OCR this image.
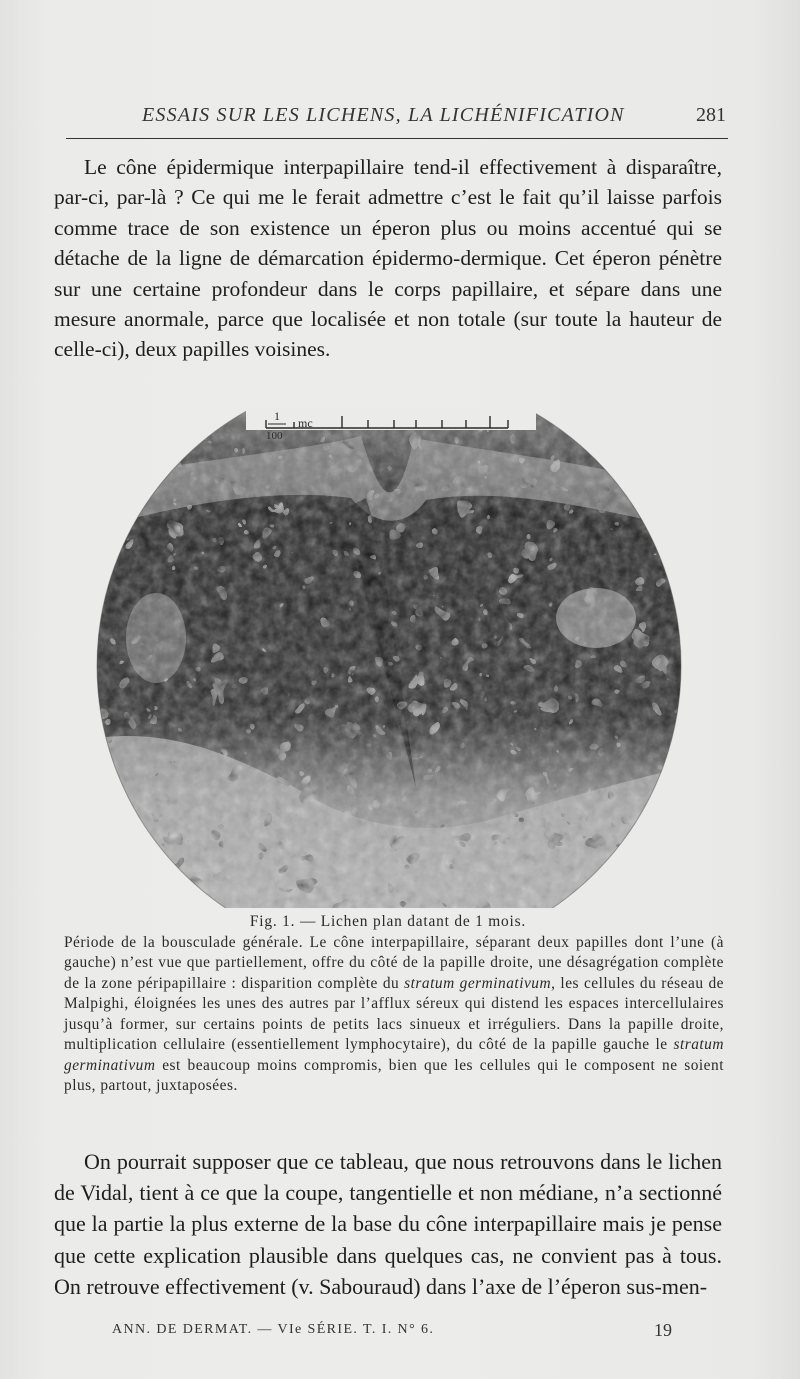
ESSAIS SUR LES LICHENS, LA LICHÉNIFICATION	281

Le cône épidermique interpapillaire tend-il effectivement à disparaître, par-ci, par-là ? Ce qui me le ferait admettre c’est le fait qu’il laisse parfois comme trace de son existence un éperon plus ou moins accentué qui se détache de la ligne de démarcation épidermo-dermique. Cet éperon pénètre sur une certaine profondeur dans le corps papillaire, et sépare dans une mesure anormale, parce que localisée et non totale (sur toute la hauteur de celle-ci), deux papilles voisines.

1
100
mc

Fig. 1. — Lichen plan datant de 1 mois.

Période de la bousculade générale. Le cône interpapillaire, séparant deux papilles dont l’une (à gauche) n’est vue que partiellement, offre du côté de la papille droite, une désagrégation complète de la zone péripapillaire : disparition complète du stratum germinativum, les cellules du réseau de Malpighi, éloignées les unes des autres par l’afflux séreux qui distend les espaces intercellulaires jusqu’à former, sur certains points de petits lacs sinueux et irréguliers. Dans la papille droite, multiplication cellulaire (essentiellement lymphocytaire), du côté de la papille gauche le stratum germinativum est beaucoup moins compromis, bien que les cellules qui le composent ne soient plus, partout, juxtaposées.

On pourrait supposer que ce tableau, que nous retrouvons dans le lichen de Vidal, tient à ce que la coupe, tangentielle et non médiane, n’a sectionné que la partie la plus externe de la base du cône interpapillaire mais je pense que cette explication plausible dans quelques cas, ne convient pas à tous. On retrouve effectivement (v. Sabouraud) dans l’axe de l’éperon sus-men-

ANN. DE DERMAT. — VIe SÉRIE. T. I. N° 6.	19
